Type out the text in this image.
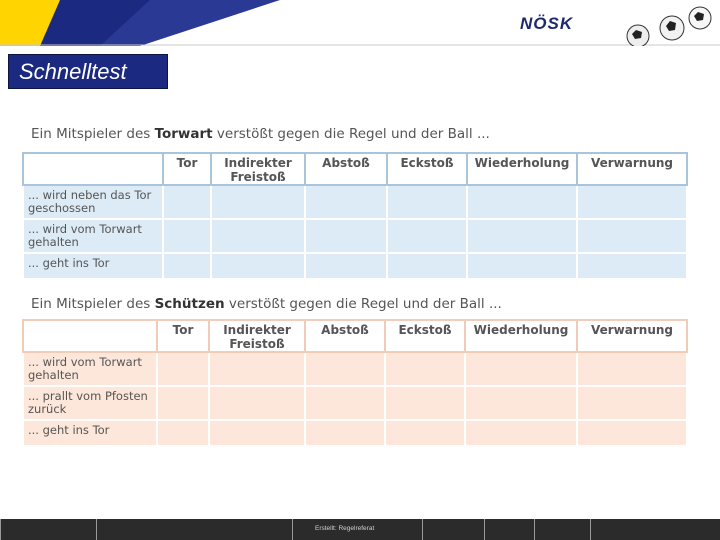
NÖSK
Schnelltest
Ein Mitspieler des Torwart verstößt gegen die Regel und der Ball ...
	Tor	Indirekter Freistoß	Abstoß	Eckstoß	Wiederholung	Verwarnung
... wird neben das Tor geschossen						
... wird vom Torwart gehalten						
... geht ins Tor						
Ein Mitspieler des Schützen verstößt gegen die Regel und der Ball ...
	Tor	Indirekter Freistoß	Abstoß	Eckstoß	Wiederholung	Verwarnung
... wird vom Torwart gehalten						
... prallt vom Pfosten zurück						
... geht ins Tor						
Erstellt: Regelreferat
